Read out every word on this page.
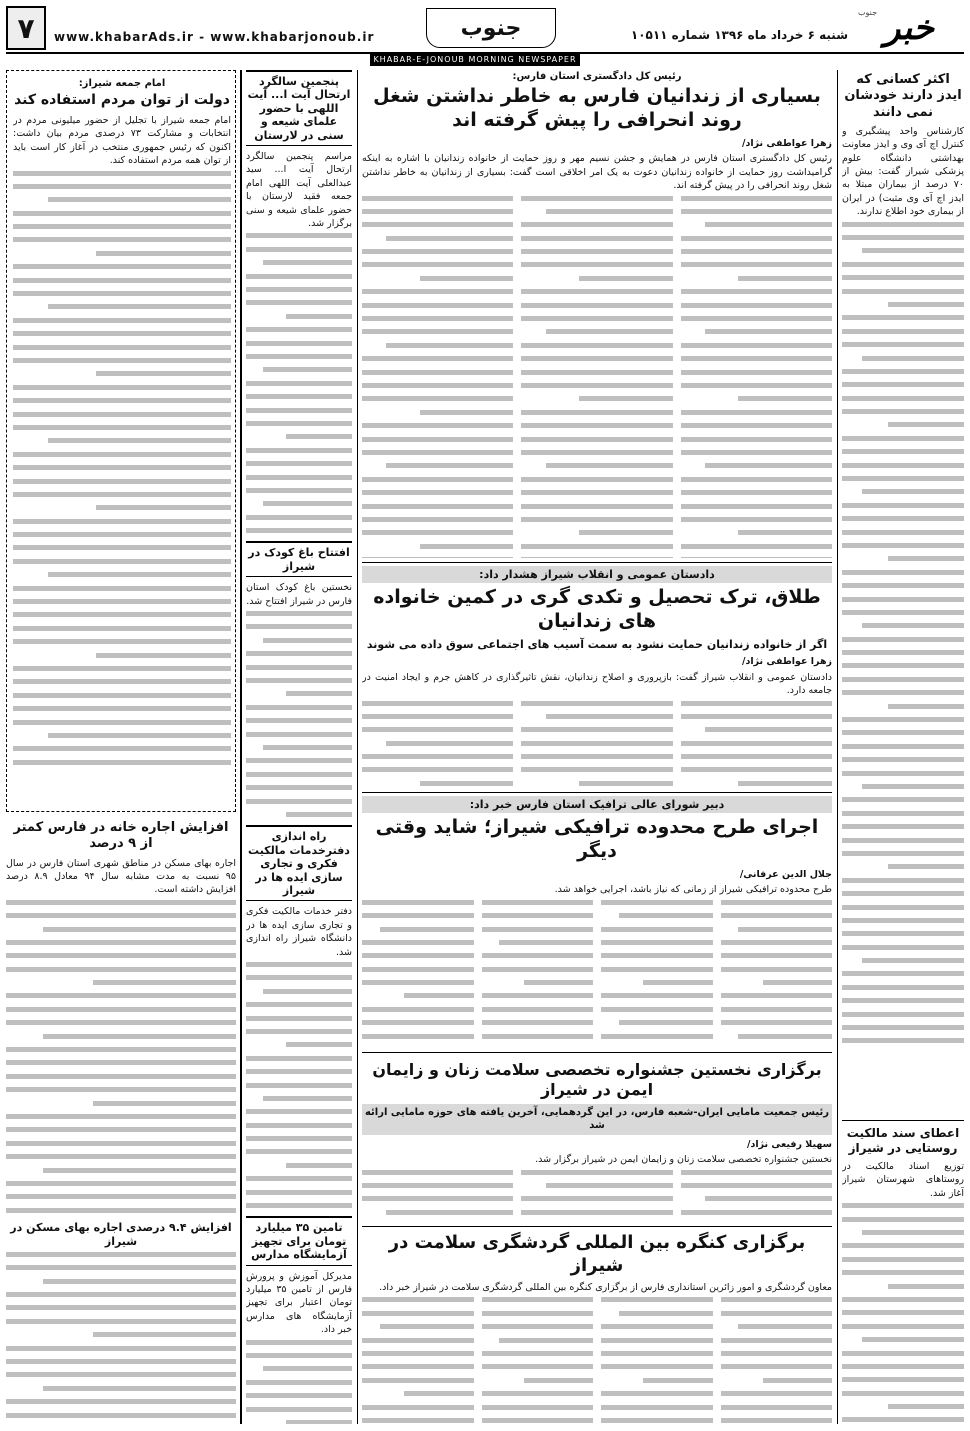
خبر
جنوب
شنبه ۶ خرداد ماه ۱۳۹۶ شماره ۱۰۵۱۱
جنوب
www.khabarAds.ir - www.khabarjonoub.ir
۷
KHABAR-E-JONOUB MORNING NEWSPAPER
اکثر کسانی که ایدز دارند خودشان نمی دانند

کارشناس واحد پیشگیری و کنترل اچ آی وی و ایدز معاونت بهداشتی دانشگاه علوم پزشکی شیراز گفت: بیش از ۷۰ درصد از بیماران مبتلا به ایدز اچ آی وی مثبت) در ایران از بیماری خود اطلاع ندارند.

اعطای سند مالکیت روستایی در شیراز

توزیع اسناد مالکیت در روستاهای شهرستان شیراز آغاز شد.

رئیس کل دادگستری استان فارس:
بسیاری از زندانیان فارس به خاطر نداشتن شغل روند انحرافی را پیش گرفته اند
زهرا عواطفی نژاد/

رئیس کل دادگستری استان فارس در همایش و جشن نسیم مهر و روز حمایت از خانواده زندانیان با اشاره به اینکه گرامیداشت روز حمایت از خانواده زندانیان دعوت به یک امر اخلاقی است گفت: بسیاری از زندانیان به خاطر نداشتن شغل روند انحرافی را در پیش گرفته اند.

دادستان عمومی و انقلاب شیراز هشدار داد:
طلاق، ترک تحصیل و تکدی گری در کمین خانواده های زندانیان
اگر از خانواده زندانیان حمایت نشود به سمت آسیب های اجتماعی سوق داده می شوند
زهرا عواطفی نژاد/

دادستان عمومی و انقلاب شیراز گفت: بازپروری و اصلاح زندانیان، نقش تاثیرگذاری در کاهش جرم و ایجاد امنیت در جامعه دارد.

دبیر شورای عالی ترافیک استان فارس خبر داد:
اجرای طرح محدوده ترافیکی شیراز؛ شاید وقتی دیگر
جلال الدین عرفانی/

طرح محدوده ترافیکی شیراز از زمانی که نیاز باشد، اجرایی خواهد شد.

برگزاری نخستین جشنواره تخصصی سلامت زنان و زایمان ایمن در شیراز
رئیس جمعیت مامایی ایران-شعبه فارس، در این گردهمایی، آخرین یافته های حوزه مامایی ارائه شد
سهیلا رفیعی نژاد/

نخستین جشنواره تخصصی سلامت زنان و زایمان ایمن در شیراز برگزار شد.

برگزاری کنگره بین المللی گردشگری سلامت در شیراز

معاون گردشگری و امور زائرین استانداری فارس از برگزاری کنگره بین المللی گردشگری سلامت در شیراز خبر داد.

پنجمین سالگرد ارتحال آیت ا... آیت اللهی با حضور علمای شیعه و سنی در لارستان

مراسم پنجمین سالگرد ارتحال آیت ا... سید عبدالعلی آیت اللهی امام جمعه فقید لارستان با حضور علمای شیعه و سنی برگزار شد.

افتتاح باغ کودک در شیراز

نخستین باغ کودک استان فارس در شیراز افتتاح شد.

راه اندازی دفترخدمات مالکیت فکری و تجاری سازی ایده ها در شیراز

دفتر خدمات مالکیت فکری و تجاری سازی ایده ها در دانشگاه شیراز راه اندازی شد.

تامین ۳۵ میلیارد تومان برای تجهیز آزمایشگاه مدارس

مدیرکل آموزش و پرورش فارس از تامین ۳۵ میلیارد تومان اعتبار برای تجهیز آزمایشگاه های مدارس خبر داد.

امام جمعه شیراز:
دولت از توان مردم استفاده کند

امام جمعه شیراز با تجلیل از حضور میلیونی مردم در انتخابات و مشارکت ۷۳ درصدی مردم بیان داشت: اکنون که رئیس جمهوری منتخب در آغاز کار است باید از توان همه مردم استفاده کند.

افزایش اجاره خانه در فارس کمتر از ۹ درصد

اجاره بهای مسکن در مناطق شهری استان فارس در سال ۹۵ نسبت به مدت مشابه سال ۹۴ معادل ۸.۹ درصد افزایش داشته است.

افزایش ۹.۴ درصدی اجاره بهای مسکن در شیراز
